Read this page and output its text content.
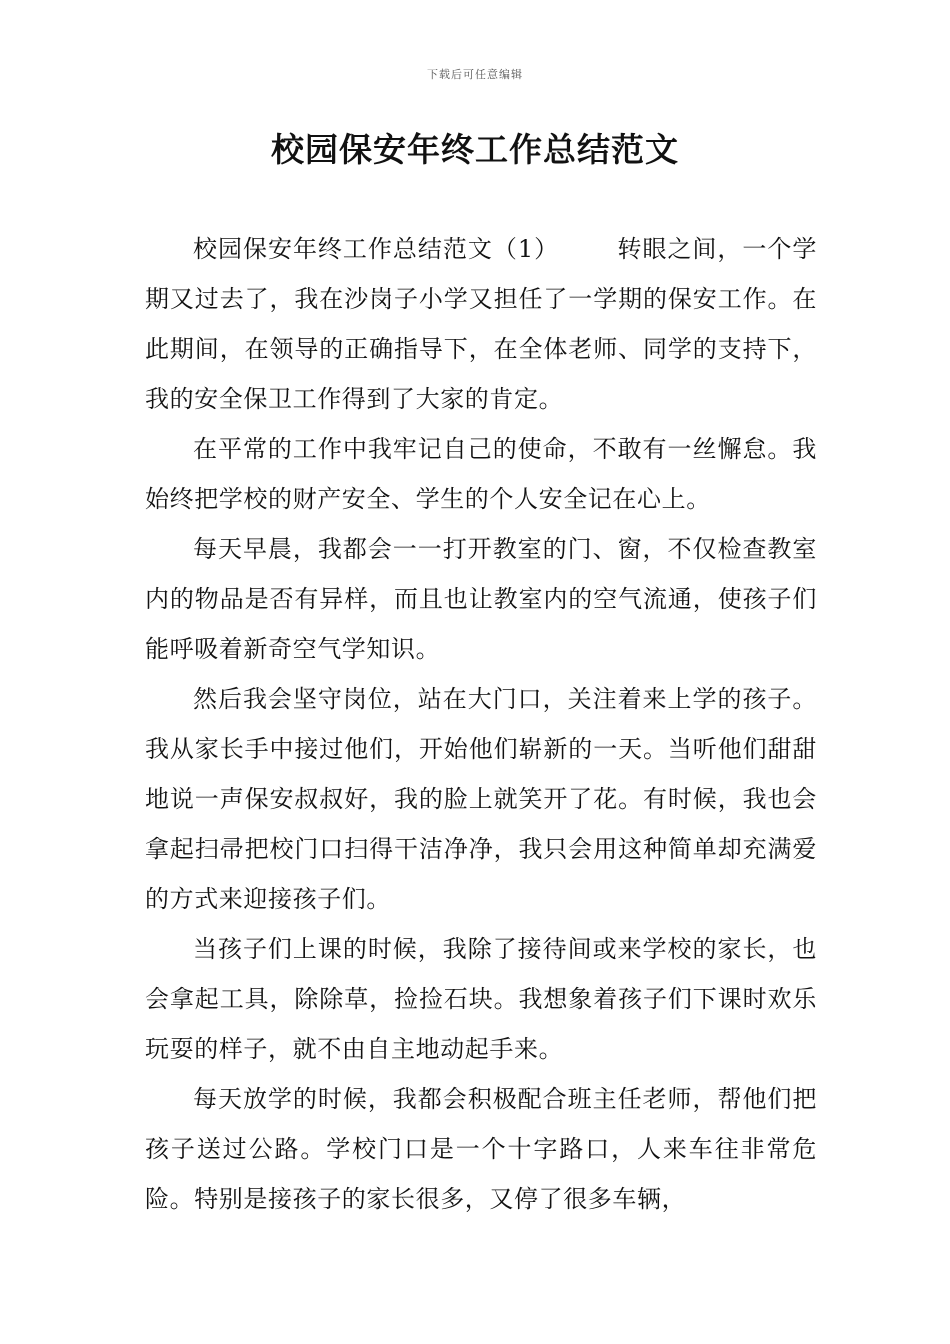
下载后可任意编辑
校园保安年终工作总结范文

校园保安年终工作总结范文（1） 转眼之间，一个学期又过去了，我在沙岗子小学又担任了一学期的保安工作。在此期间，在领导的正确指导下，在全体老师、同学的支持下，我的安全保卫工作得到了大家的肯定。

在平常的工作中我牢记自己的使命，不敢有一丝懈怠。我始终把学校的财产安全、学生的个人安全记在心上。

每天早晨，我都会一一打开教室的门、窗，不仅检查教室内的物品是否有异样，而且也让教室内的空气流通，使孩子们能呼吸着新奇空气学知识。

然后我会坚守岗位，站在大门口，关注着来上学的孩子。我从家长手中接过他们，开始他们崭新的一天。当听他们甜甜地说一声保安叔叔好，我的脸上就笑开了花。有时候，我也会拿起扫帚把校门口扫得干洁净净，我只会用这种简单却充满爱的方式来迎接孩子们。

当孩子们上课的时候，我除了接待间或来学校的家长，也会拿起工具，除除草，捡捡石块。我想象着孩子们下课时欢乐玩耍的样子，就不由自主地动起手来。

每天放学的时候，我都会积极配合班主任老师，帮他们把孩子送过公路。学校门口是一个十字路口，人来车往非常危险。特别是接孩子的家长很多，又停了很多车辆，
